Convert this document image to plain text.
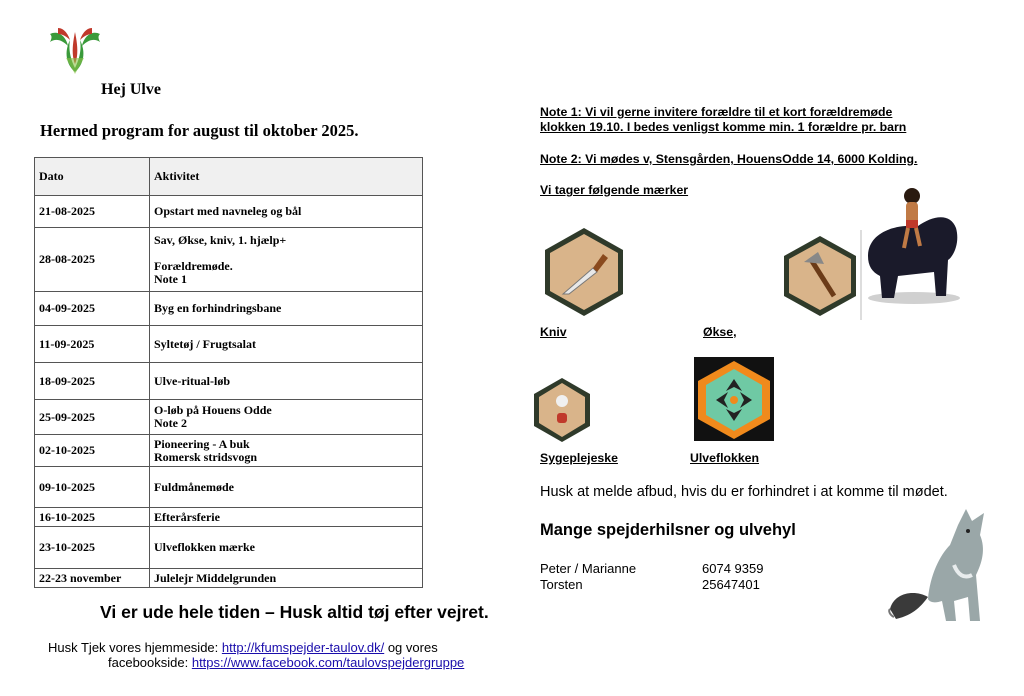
Hej Ulve
Hermed program for august til oktober 2025.
Dato	Aktivitet
21-08-2025	Opstart med navneleg og bål

28-08-2025	Sav, Økse, kniv, 1. hjælp+
Forældremøde.
Note 1

04-09-2025	Byg en forhindringsbane

11-09-2025	Syltetøj / Frugtsalat

18-09-2025	Ulve-ritual-løb

25-09-2025	O-løb på Houens Odde
Note 2

02-10-2025	Pioneering - A buk
Romersk stridsvogn

09-10-2025	Fuldmånemøde

16-10-2025	Efterårsferie

23-10-2025	Ulveflokken mærke

22-23 november	Julelejr Middelgrunden
Vi er ude hele tiden – Husk altid tøj efter vejret.
Husk Tjek vores hjemmeside: http://kfumspejder-taulov.dk/ og vores
facebookside: https://www.facebook.com/taulovspejdergruppe
Note 1: Vi vil gerne invitere forældre til et kort forældremøde
klokken 19.10. I bedes venligst komme min. 1 forældre pr. barn
Note 2: Vi mødes v, Stensgården, HouensOdde 14, 6000 Kolding.
Vi tager følgende mærker
Kniv	Økse,
Sygeplejeske	Ulveflokken
Husk at melde afbud, hvis du er forhindret i at komme til mødet.
Mange spejderhilsner og ulvehyl
Peter / Marianne	6074 9359
Torsten	25647401
